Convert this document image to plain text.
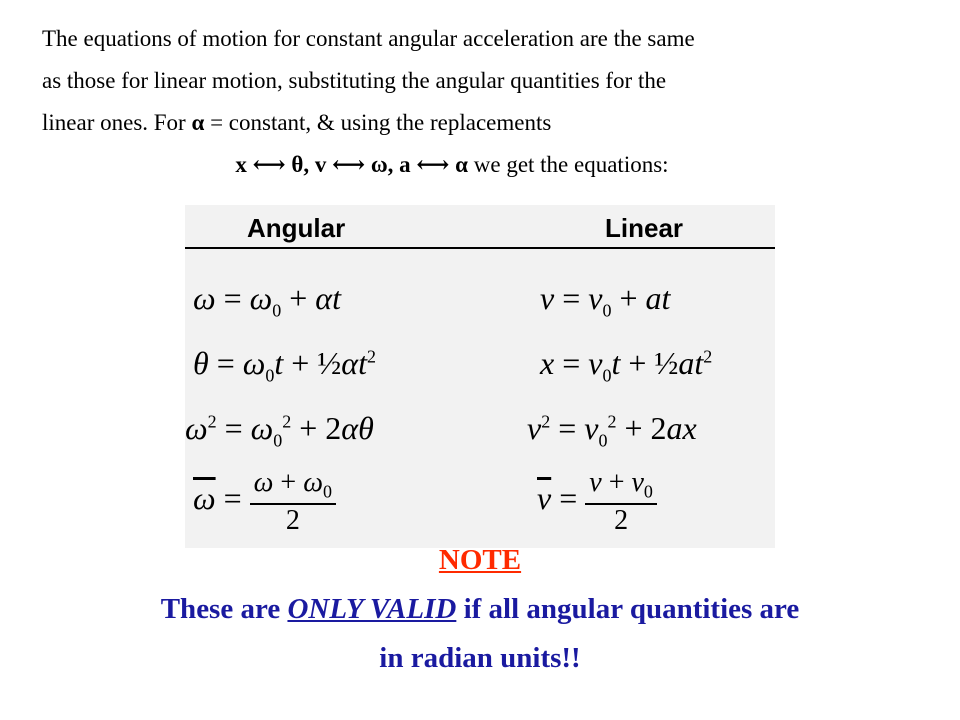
The equations of motion for constant angular acceleration are the same
as those for linear motion, substituting the angular quantities for the
linear ones. For α = constant, & using the replacements
x ⟷ θ, v ⟷ ω, a ⟷ α we get the equations:
Angular	Linear
$\omega = \omega_0 + \alpha t$
$\theta = \omega_0t$ + $\frac{1}{2}\alpha t^2$
$\omega^2 = \omega_0^2 + 2\alpha\theta$
$\overline{\omega} = \frac{\omega + \omega_0}{2}$
$v = v_0$ + at
$x = v_0t$ + $\frac{1}{2}at^2$
$v^2 = v_0^2 + 2ax$
$\overline{v} = \frac{v + v_0}{2}$
NOTE
These are ONLY VALID if all angular quantities are
in radian units!!
